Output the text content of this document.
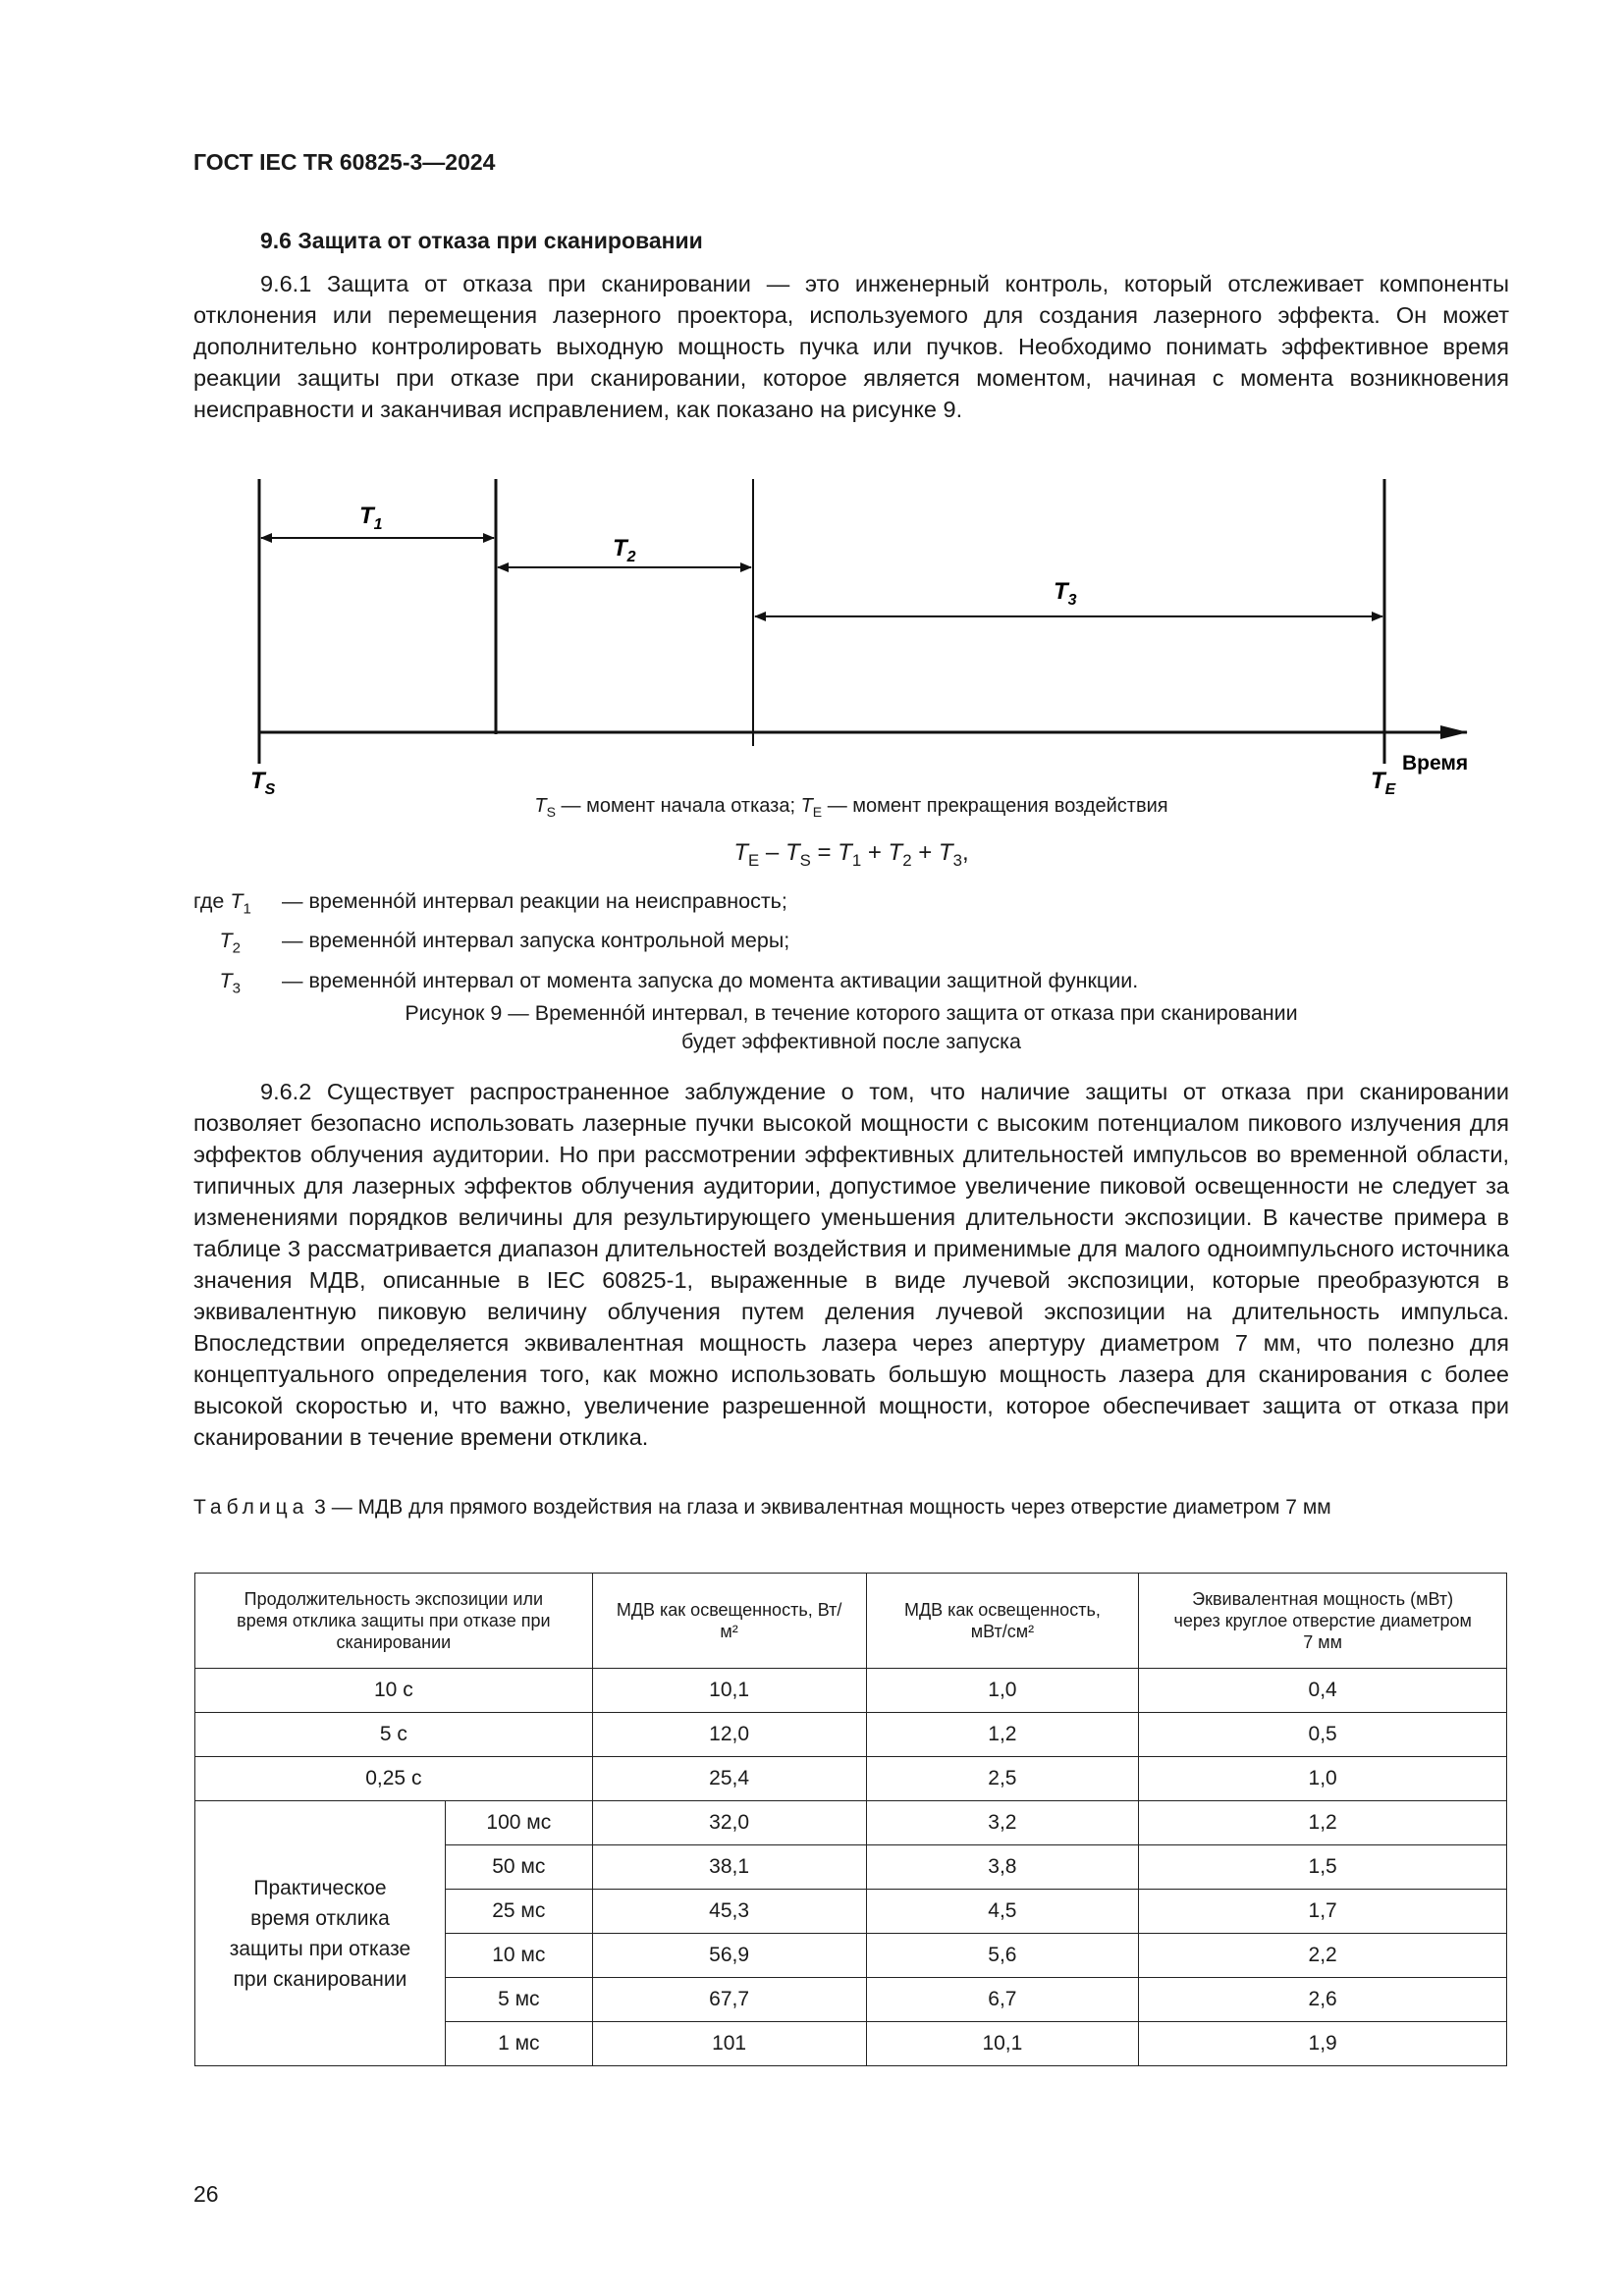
ГОСТ IEC TR 60825-3—2024
9.6 Защита от отказа при сканировании
9.6.1 Защита от отказа при сканировании — это инженерный контроль, который отслеживает компоненты отклонения или перемещения лазерного проектора, используемого для создания лазерного эффекта. Он может дополнительно контролировать выходную мощность пучка или пучков. Необходимо понимать эффективное время реакции защиты при отказе при сканировании, которое является моментом, начиная с момента возникновения неисправности и заканчивая исправлением, как показано на рисунке 9.
$T_1$
$T_2$
$T_3$
$T_S$	$T_E$
Время
$T_S$ — момент начала отказа; $T_E$ — момент прекращения воздействия
$T_E - T_S = T_1 + T_2 + T_3$,
где $T_1$	— временнóй интервал реакции на неисправность;
$T_2$ — временнóй интервал запуска контрольной меры;
$T_3$ — временнóй интервал от момента запуска до момента активации защитной функции.
Рисунок 9 — Временнóй интервал, в течение которого защита от отказа при сканировании
будет эффективной после запуска
9.6.2 Существует распространенное заблуждение о том, что наличие защиты от отказа при сканировании позволяет безопасно использовать лазерные пучки высокой мощности с высоким потенциалом пикового излучения для эффектов облучения аудитории. Но при рассмотрении эффективных длительностей импульсов во временной области, типичных для лазерных эффектов облучения аудитории, допустимое увеличение пиковой освещенности не следует за изменениями порядков величины для результирующего уменьшения длительности экспозиции. В качестве примера в таблице 3 рассматривается диапазон длительностей воздействия и применимые для малого одноимпульсного источника значения МДВ, описанные в IEC 60825-1, выраженные в виде лучевой экспозиции, которые преобразуются в эквивалентную пиковую величину облучения путем деления лучевой экспозиции на длительность импульса. Впоследствии определяется эквивалентная мощность лазера через апертуру диаметром 7 мм, что полезно для концептуального определения того, как можно использовать большую мощность лазера для сканирования с более высокой скоростью и, что важно, увеличение разрешенной мощности, которое обеспечивает защита от отказа при сканировании в течение времени отклика.
Таблица 3 — МДВ для прямого воздействия на глаза и эквивалентная мощность через отверстие диаметром 7 мм
Продолжительность экспозиции или время отклика защиты при отказе при сканировании		МДВ как освещенность, Вт/м²	МДВ как освещенность, мВт/см²	Эквивалентная мощность (мВт) через круглое отверстие диаметром 7 мм
10 с		10,1	1,0	0,4
5 с		12,0	1,2	0,5
0,25 с		25,4	2,5	1,0
Практическое время отклика защиты при отказе при сканировании	100 мс	32,0	3,2	1,2
	50 мс	38,1	3,8	1,5
	25 мс	45,3	4,5	1,7
	10 мс	56,9	5,6	2,2
	5 мс	67,7	6,7	2,6
	1 мс	101	10,1	1,9
26
